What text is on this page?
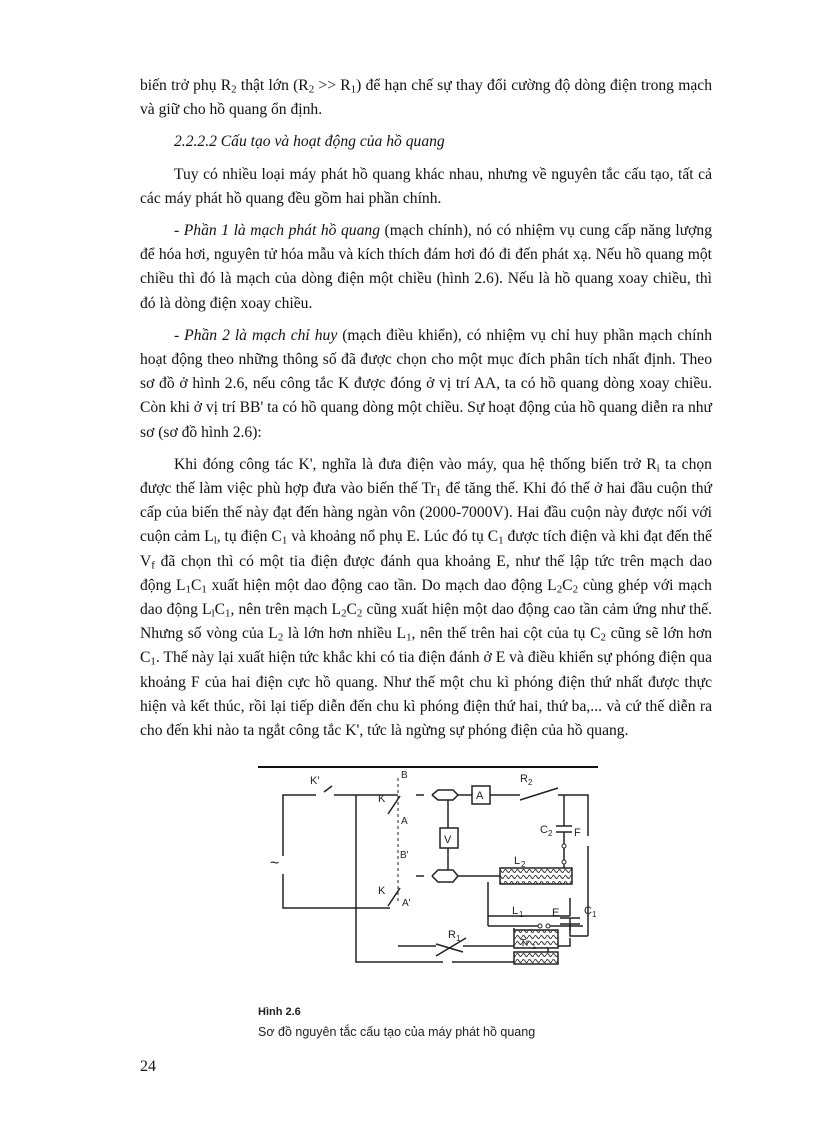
biến trở phụ $R_2$ thật lớn $(R_2 >> R_1)$ để hạn chế sự thay đổi cường độ dòng điện trong mạch và giữ cho hồ quang ổn định.

2.2.2.2 Cấu tạo và hoạt động của hồ quang

Tuy có nhiều loại máy phát hồ quang khác nhau, nhưng về nguyên tắc cấu tạo, tất cả các máy phát hồ quang đều gồm hai phần chính.

- Phần 1 là mạch phát hồ quang (mạch chính), nó có nhiệm vụ cung cấp năng lượng để hóa hơi, nguyên tử hóa mẫu và kích thích đám hơi đó đi đến phát xạ. Nếu hồ quang một chiều thì đó là mạch của dòng điện một chiều (hình 2.6). Nếu là hồ quang xoay chiều, thì đó là dòng điện xoay chiều.

- Phần 2 là mạch chỉ huy (mạch điều khiển), có nhiệm vụ chỉ huy phần mạch chính hoạt động theo những thông số đã được chọn cho một mục đích phân tích nhất định. Theo sơ đồ ở hình 2.6, nếu công tắc K được đóng ở vị trí AA, ta có hồ quang dòng xoay chiều. Còn khi ở vị trí BB' ta có hồ quang dòng một chiều. Sự hoạt động của hồ quang diễn ra như sơ (sơ đồ hình 2.6):

Khi đóng công tác K', nghĩa là đưa điện vào máy, qua hệ thống biến trở $R_i$ ta chọn được thế làm việc phù hợp đưa vào biến thế $Tr_1$ để tăng thế. Khi đó thế ở hai đầu cuộn thứ cấp của biến thế này đạt đến hàng ngàn vôn (2000-7000V). Hai đầu cuộn này được nối với cuộn cảm $L_l$, tụ điện $C_1$ và khoảng nổ phụ E. Lúc đó tụ $C_1$ được tích điện và khi đạt đến thế $V_f$ đã chọn thì có một tia điện được đánh qua khoảng E, như thế lập tức trên mạch dao động $L_1C_1$ xuất hiện một dao động cao tần. Do mạch dao động $L_2C_2$ cùng ghép với mạch dao động $L_lC_1$, nên trên mạch $L_2C_2$ cũng xuất hiện một dao động cao tần cảm ứng như thế. Nhưng số vòng của $L_2$ là lớn hơn nhiều $L_1$, nên thế trên hai cột của tụ $C_2$ cũng sẽ lớn hơn $C_1$. Thế này lại xuất hiện tức khắc khi có tia điện đánh ở E và điều khiển sự phóng điện qua khoảng F của hai điện cực hồ quang. Như thế một chu kì phóng điện thứ nhất được thực hiện và kết thúc, rồi lại tiếp diễn đến chu kì phóng điện thứ hai, thứ ba,... và cứ thế diễn ra cho đến khi nào ta ngắt công tắc K', tức là ngừng sự phóng điện của hồ quang.

~
K'
K
B
A
B'
K
A'
A
V
R 2
C 2 F
L 2
L 1	E C 1
R 1	Tr 1
Hình 2.6
Sơ đồ nguyên tắc cấu tạo của máy phát hồ quang
24
